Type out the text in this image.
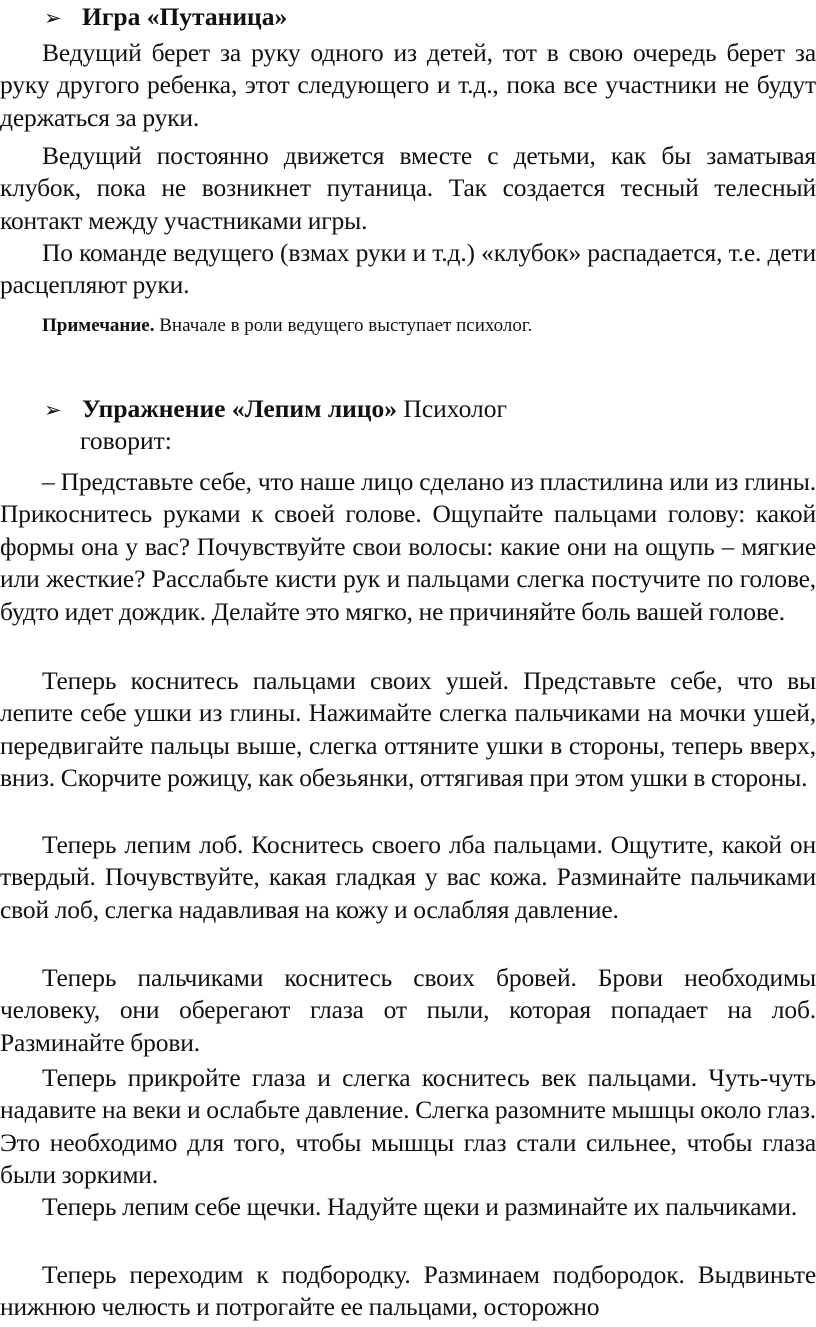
➢ Игра «Путаница»

Ведущий берет за руку одного из детей, тот в свою очередь берет за руку другого ребенка, этот следующего и т.д., пока все участники не будут держаться за руки.

Ведущий постоянно движется вместе с детьми, как бы заматывая клубок, пока не возникнет путаница. Так создается тесный телесный контакт между участниками игры.

По команде ведущего (взмах руки и т.д.) «клубок» распадается, т.е. дети расцепляют руки.

Примечание. Вначале в роли ведущего выступает психолог.
➢ Упражнение «Лепим лицо» Психолог
говорит:

– Представьте себе, что наше лицо сделано из пластилина или из глины. Прикоснитесь руками к своей голове. Ощупайте пальцами голову: какой формы она у вас? Почувствуйте свои волосы: какие они на ощупь – мягкие или жесткие? Расслабьте кисти рук и пальцами слегка постучите по голове, будто идет дождик. Делайте это мягко, не причиняйте боль вашей голове.

Теперь коснитесь пальцами своих ушей. Представьте себе, что вы лепите себе ушки из глины. Нажимайте слегка пальчиками на мочки ушей, передвигайте пальцы выше, слегка оттяните ушки в стороны, теперь вверх, вниз. Скорчите рожицу, как обезьянки, оттягивая при этом ушки в стороны.

Теперь лепим лоб. Коснитесь своего лба пальцами. Ощутите, какой он твердый. Почувствуйте, какая гладкая у вас кожа. Разминайте пальчиками свой лоб, слегка надавливая на кожу и ослабляя давление.

Теперь пальчиками коснитесь своих бровей. Брови необходимы человеку, они оберегают глаза от пыли, которая попадает на лоб. Разминайте брови.

Теперь прикройте глаза и слегка коснитесь век пальцами. Чуть-чуть надавите на веки и ослабьте давление. Слегка разомните мышцы около глаз. Это необходимо для того, чтобы мышцы глаз стали сильнее, чтобы глаза были зоркими.

Теперь лепим себе щечки. Надуйте щеки и разминайте их пальчиками.

Теперь переходим к подбородку. Разминаем подбородок. Выдвиньте нижнюю челюсть и потрогайте ее пальцами, осторожно
